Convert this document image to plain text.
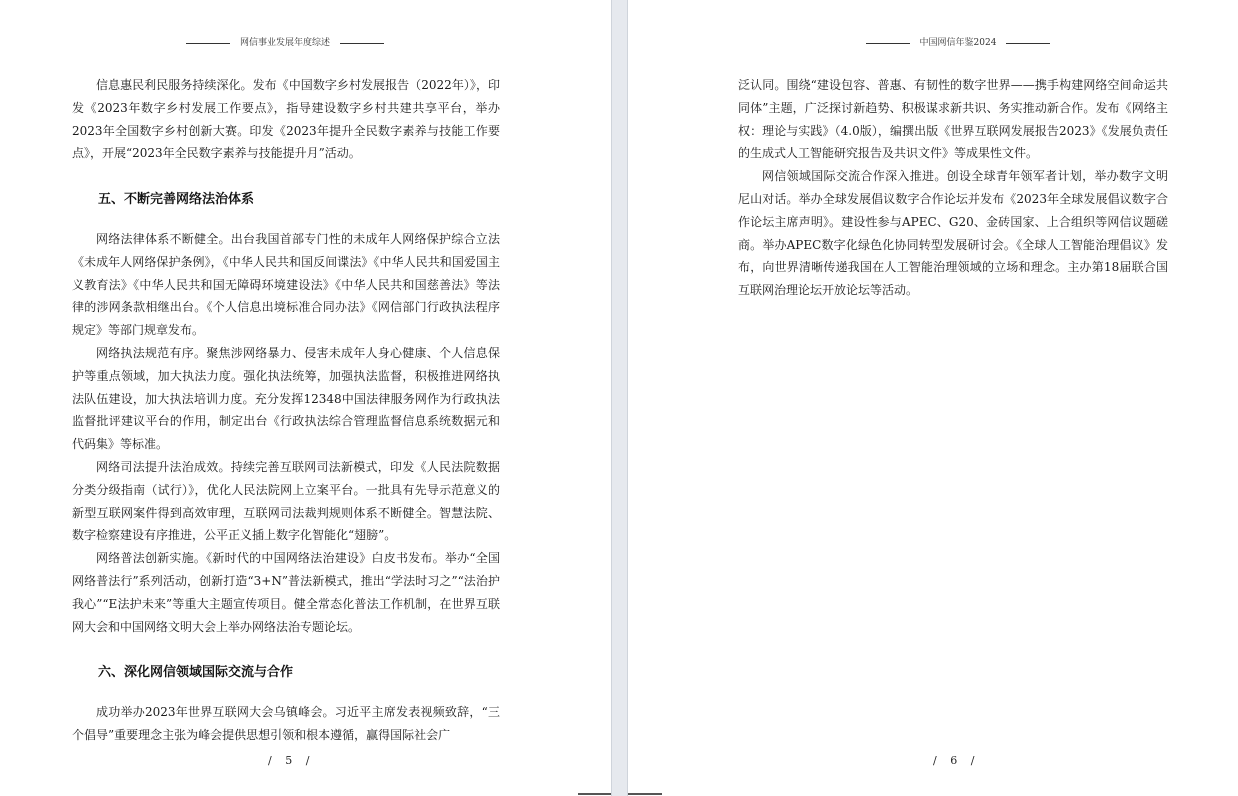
网信事业发展年度综述

信息惠民利民服务持续深化。发布《中国数字乡村发展报告（2022年）》，印发《2023年数字乡村发展工作要点》，指导建设数字乡村共建共享平台，举办2023年全国数字乡村创新大赛。印发《2023年提升全民数字素养与技能工作要点》，开展“2023年全民数字素养与技能提升月”活动。

五、不断完善网络法治体系

网络法律体系不断健全。出台我国首部专门性的未成年人网络保护综合立法《未成年人网络保护条例》，《中华人民共和国反间谍法》《中华人民共和国爱国主义教育法》《中华人民共和国无障碍环境建设法》《中华人民共和国慈善法》等法律的涉网条款相继出台。《个人信息出境标准合同办法》《网信部门行政执法程序规定》等部门规章发布。

网络执法规范有序。聚焦涉网络暴力、侵害未成年人身心健康、个人信息保护等重点领域，加大执法力度。强化执法统筹，加强执法监督，积极推进网络执法队伍建设，加大执法培训力度。充分发挥12348中国法律服务网作为行政执法监督批评建议平台的作用，制定出台《行政执法综合管理监督信息系统数据元和代码集》等标准。

网络司法提升法治成效。持续完善互联网司法新模式，印发《人民法院数据分类分级指南（试行）》，优化人民法院网上立案平台。一批具有先导示范意义的新型互联网案件得到高效审理，互联网司法裁判规则体系不断健全。智慧法院、数字检察建设有序推进，公平正义插上数字化智能化“翅膀”。

网络普法创新实施。《新时代的中国网络法治建设》白皮书发布。举办“全国网络普法行”系列活动，创新打造“3+N”普法新模式，推出“学法时习之”“法治护我心”“E法护未来”等重大主题宣传项目。健全常态化普法工作机制，在世界互联网大会和中国网络文明大会上举办网络法治专题论坛。

六、深化网信领域国际交流与合作

成功举办2023年世界互联网大会乌镇峰会。习近平主席发表视频致辞，“三个倡导”重要理念主张为峰会提供思想引领和根本遵循，赢得国际社会广

/ 5 /
中国网信年鉴2024

泛认同。围绕“建设包容、普惠、有韧性的数字世界——携手构建网络空间命运共同体”主题，广泛探讨新趋势、积极谋求新共识、务实推动新合作。发布《网络主权：理论与实践》（4.0版），编撰出版《世界互联网发展报告2023》《发展负责任的生成式人工智能研究报告及共识文件》等成果性文件。

网信领域国际交流合作深入推进。创设全球青年领军者计划，举办数字文明尼山对话。举办全球发展倡议数字合作论坛并发布《2023年全球发展倡议数字合作论坛主席声明》。建设性参与APEC、G20、金砖国家、上合组织等网信议题磋商。举办APEC数字化绿色化协同转型发展研讨会。《全球人工智能治理倡议》发布，向世界清晰传递我国在人工智能治理领域的立场和理念。主办第18届联合国互联网治理论坛开放论坛等活动。

/ 6 /
